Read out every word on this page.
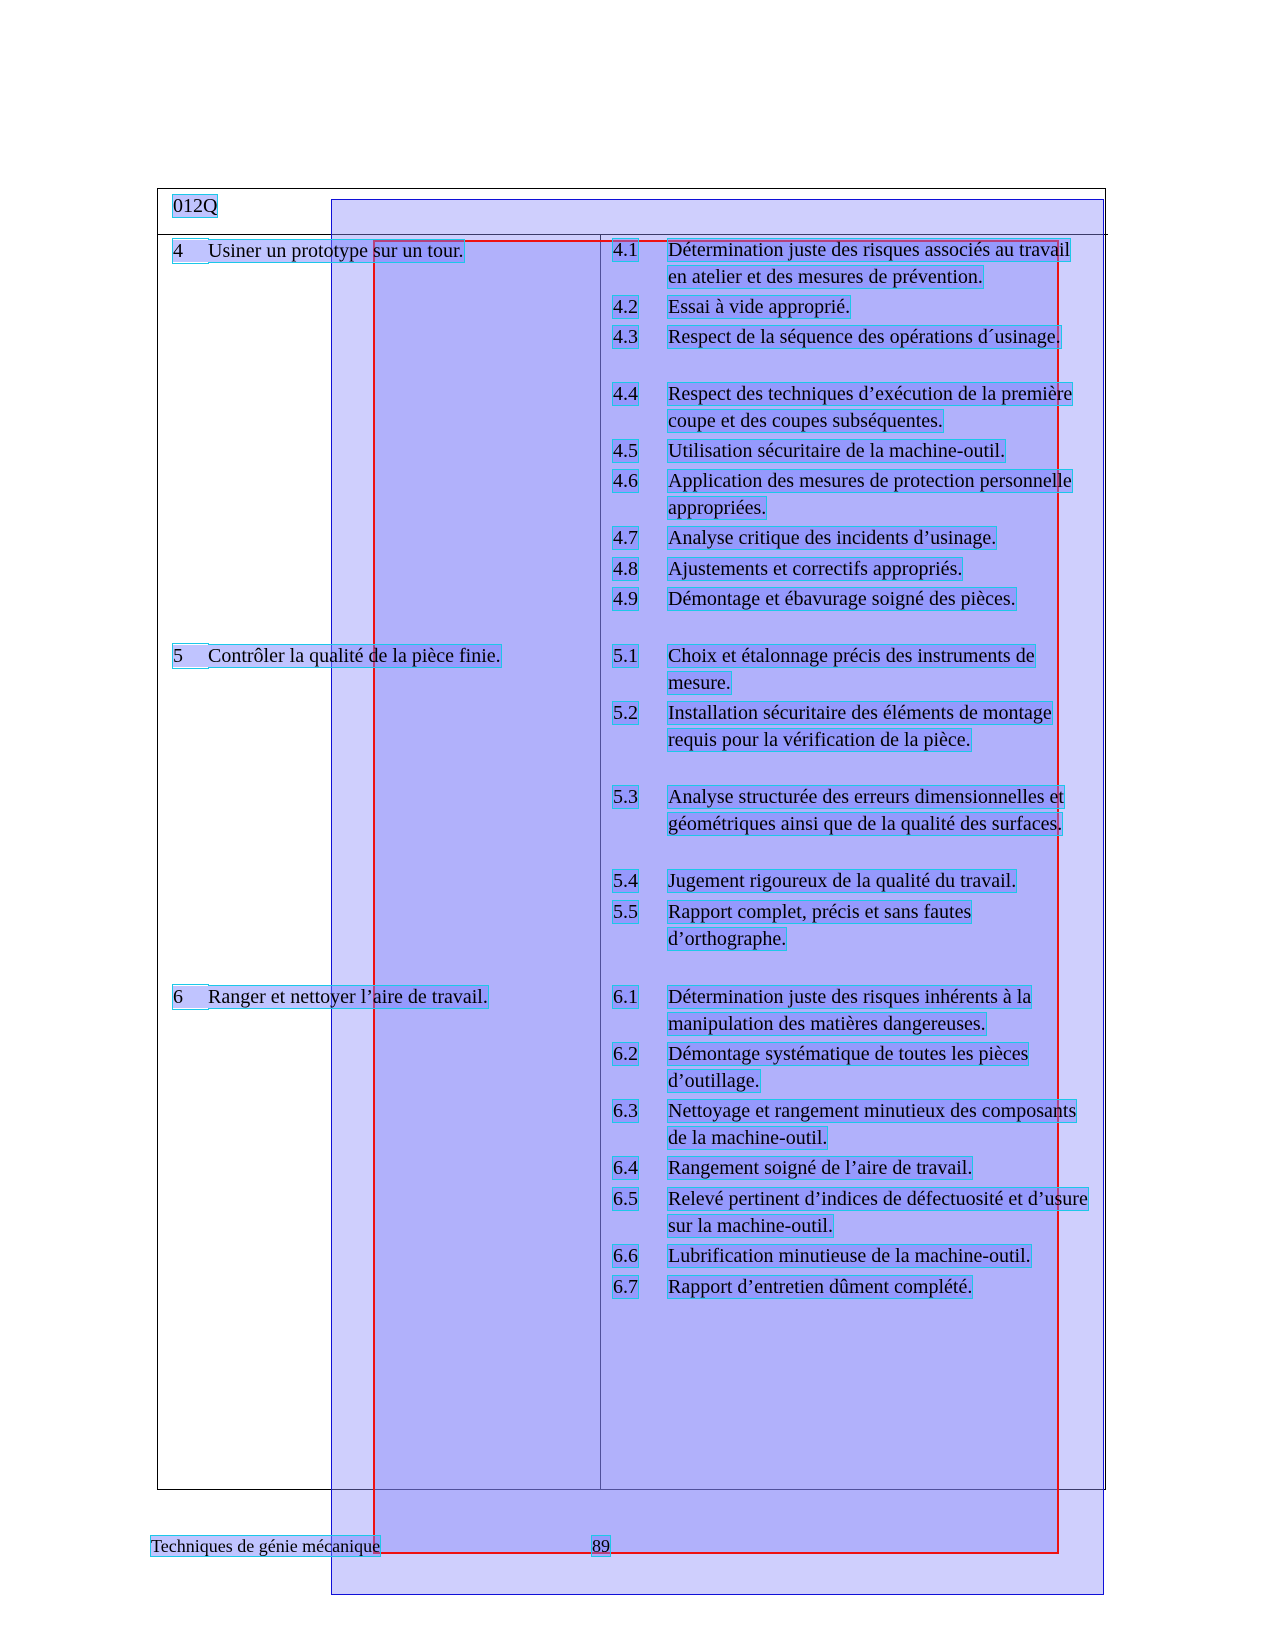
012Q
4 Usiner un prototype sur un tour.	4.1	Détermination juste des risques associés au travail en atelier et des mesures de prévention.
4.2	Essai à vide approprié.
4.3	Respect de la séquence des opérations d´usinage.
4.4	Respect des techniques d’exécution de la première coupe et des coupes subséquentes.
4.5	Utilisation sécuritaire de la machine-outil.
4.6	Application des mesures de protection personnelle appropriées.
4.7	Analyse critique des incidents d’usinage.
4.8	Ajustements et correctifs appropriés.
4.9	Démontage et ébavurage soigné des pièces.
5 Contrôler la qualité de la pièce finie.	5.1	Choix et étalonnage précis des instruments de mesure.
5.2	Installation sécuritaire des éléments de montage requis pour la vérification de la pièce.
5.3	Analyse structurée des erreurs dimensionnelles et géométriques ainsi que de la qualité des surfaces.
5.4	Jugement rigoureux de la qualité du travail.
5.5	Rapport complet, précis et sans fautes d’orthographe.
6 Ranger et nettoyer l’aire de travail.	6.1	Détermination juste des risques inhérents à la manipulation des matières dangereuses.
6.2	Démontage systématique de toutes les pièces d’outillage.
6.3	Nettoyage et rangement minutieux des composants de la machine-outil.
6.4	Rangement soigné de l’aire de travail.
6.5	Relevé pertinent d’indices de défectuosité et d’usure sur la machine-outil.
6.6	Lubrification minutieuse de la machine-outil.
6.7	Rapport d’entretien dûment complété.
Techniques de génie mécanique	89
